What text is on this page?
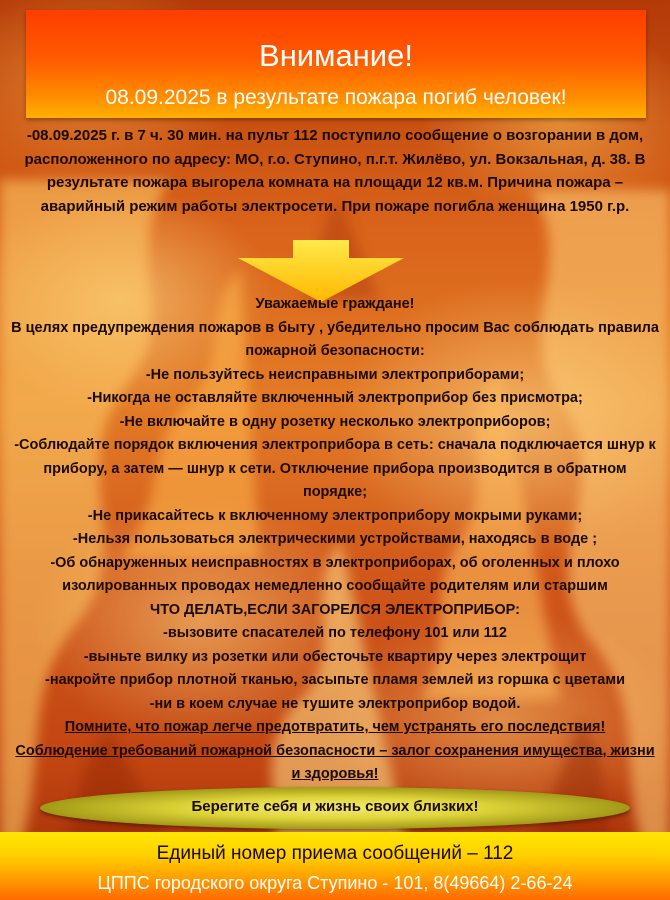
Внимание!
08.09.2025 в результате пожара погиб человек!
-08.09.2025 г. в 7 ч. 30 мин. на пульт 112 поступило сообщение о возгорании в дом, расположенного по адресу: МО, г.о. Ступино, п.г.т. Жилёво, ул. Вокзальная, д. 38. В результате пожара выгорела комната на площади 12 кв.м. Причина пожара – аварийный режим работы электросети. При пожаре погибла женщина 1950 г.р.
Уважаемые граждане!
В целях предупреждения пожаров в быту , убедительно просим Вас соблюдать правила пожарной безопасности:
-Не пользуйтесь неисправными электроприборами;
-Никогда не оставляйте включенный электроприбор без присмотра;
-Не включайте в одну розетку несколько электроприборов;
-Соблюдайте порядок включения электроприбора в сеть: сначала подключается шнур к прибору, а затем — шнур к сети. Отключение прибора производится в обратном порядке;
-Не прикасайтесь к включенному электроприбору мокрыми руками;
-Нельзя пользоваться электрическими устройствами, находясь в воде ;
-Об обнаруженных неисправностях в электроприборах, об оголенных и плохо изолированных проводах немедленно сообщайте родителям или старшим
ЧТО ДЕЛАТЬ,ЕСЛИ ЗАГОРЕЛСЯ ЭЛЕКТРОПРИБОР:
-вызовите спасателей по телефону 101 или 112
-выньте вилку из розетки или обесточьте квартиру через электрощит
-накройте прибор плотной тканью, засыпьте пламя землей из горшка с цветами
-ни в коем случае не тушите электроприбор водой.
Помните, что пожар легче предотвратить, чем устранять его последствия!
Соблюдение требований пожарной безопасности – залог сохранения имущества, жизни и здоровья!
Берегите себя и жизнь своих близких!
Единый номер приема сообщений – 112
ЦППС городского округа Ступино - 101, 8(49664) 2-66-24
